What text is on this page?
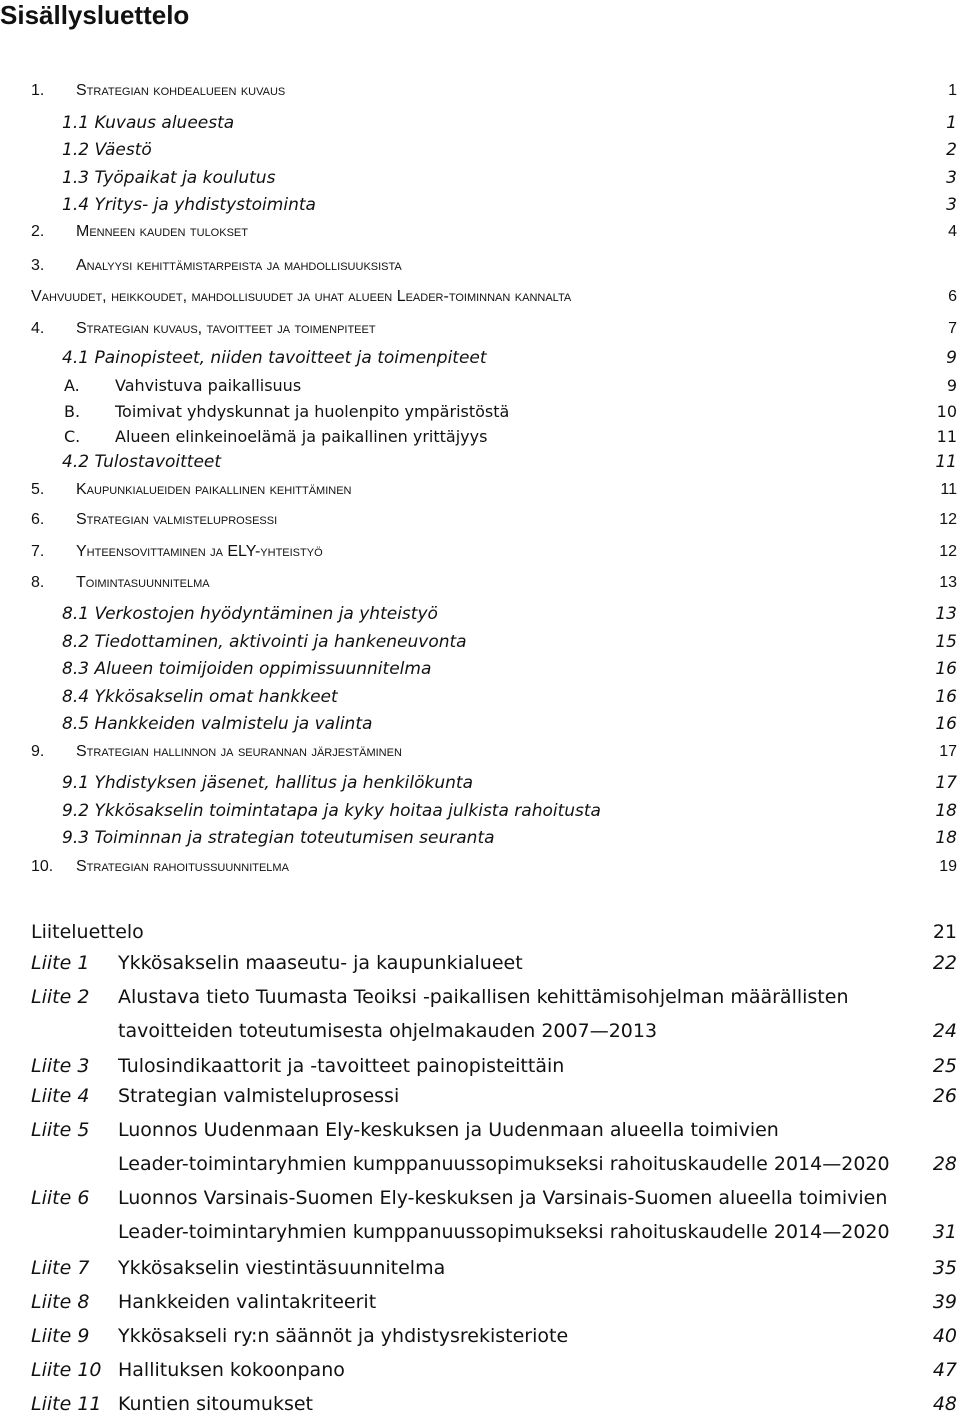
Sisällysluettelo
1. Strategian kohdealueen kuvaus	1
1.1 Kuvaus alueesta	1
1.2 Väestö	2
1.3 Työpaikat ja koulutus	3
1.4 Yritys- ja yhdistystoiminta	3
2. Menneen kauden tulokset	4
3. Analyysi kehittämistarpeista ja mahdollisuuksista
Vahvuudet, heikkoudet, mahdollisuudet ja uhat alueen Leader-toiminnan kannalta	6
4. Strategian kuvaus, tavoitteet ja toimenpiteet	7
4.1 Painopisteet, niiden tavoitteet ja toimenpiteet	9
A. Vahvistuva paikallisuus	9
B. Toimivat yhdyskunnat ja huolenpito ympäristöstä	10
C. Alueen elinkeinoelämä ja paikallinen yrittäjyys	11
4.2 Tulostavoitteet	11
5. Kaupunkialueiden paikallinen kehittäminen	11
6. Strategian valmisteluprosessi	12
7. Yhteensovittaminen ja ELY-yhteistyö	12
8. Toimintasuunnitelma	13
8.1 Verkostojen hyödyntäminen ja yhteistyö	13
8.2 Tiedottaminen, aktivointi ja hankeneuvonta	15
8.3 Alueen toimijoiden oppimissuunnitelma	16
8.4 Ykkösakselin omat hankkeet	16
8.5 Hankkeiden valmistelu ja valinta	16
9. Strategian hallinnon ja seurannan järjestäminen	17
9.1 Yhdistyksen jäsenet, hallitus ja henkilökunta	17
9.2 Ykkösakselin toimintatapa ja kyky hoitaa julkista rahoitusta	18
9.3 Toiminnan ja strategian toteutumisen seuranta	18
10. Strategian rahoitussuunnitelma	19
Liiteluettelo	21
Liite 1 Ykkösakselin maaseutu- ja kaupunkialueet	22
Liite 2 Alustava tieto Tuumasta Teoiksi -paikallisen kehittämisohjelman määrällisten
tavoitteiden toteutumisesta ohjelmakauden 2007—2013	24
Liite 3 Tulosindikaattorit ja -tavoitteet painopisteittäin	25
Liite 4 Strategian valmisteluprosessi	26
Liite 5 Luonnos Uudenmaan Ely-keskuksen ja Uudenmaan alueella toimivien
Leader-toimintaryhmien kumppanuussopimukseksi rahoituskaudelle 2014—2020	28
Liite 6 Luonnos Varsinais-Suomen Ely-keskuksen ja Varsinais-Suomen alueella toimivien
Leader-toimintaryhmien kumppanuussopimukseksi rahoituskaudelle 2014—2020	31
Liite 7 Ykkösakselin viestintäsuunnitelma	35
Liite 8 Hankkeiden valintakriteerit	39
Liite 9 Ykkösakseli ry:n säännöt ja yhdistysrekisteriote	40
Liite 10 Hallituksen kokoonpano	47
Liite 11 Kuntien sitoumukset	48
